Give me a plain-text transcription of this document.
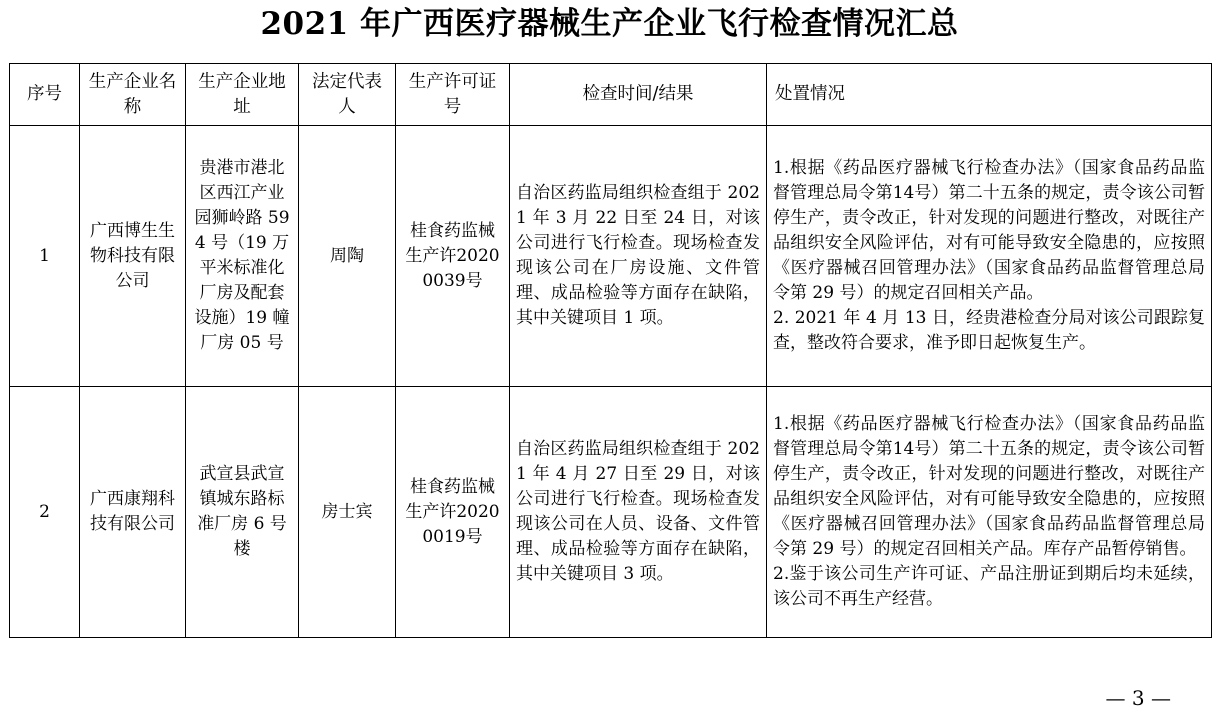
2021 年广西医疗器械生产企业飞行检查情况汇总
序号	生产企业名称	生产企业地址	法定代表人	生产许可证号	检查时间/结果	处置情况
1	广西博生生物科技有限公司	贵港市港北区西江产业园狮岭路 594 号（19 万平米标准化厂房及配套设施）19 幢厂房 05 号	周陶	桂食药监械生产许20200039号	自治区药监局组织检查组于 2021 年 3 月 22 日至 24 日，对该公司进行飞行检查。现场检查发现该公司在厂房设施、文件管理、成品检验等方面存在缺陷，其中关键项目 1 项。	1.根据《药品医疗器械飞行检查办法》（国家食品药品监督管理总局令第14号）第二十五条的规定，责令该公司暂停生产，责令改正，针对发现的问题进行整改，对既往产品组织安全风险评估，对有可能导致安全隐患的，应按照《医疗器械召回管理办法》（国家食品药品监督管理总局令第 29 号）的规定召回相关产品。
2. 2021 年 4 月 13 日，经贵港检查分局对该公司跟踪复查，整改符合要求，准予即日起恢复生产。

2	广西康翔科技有限公司	武宣县武宣镇城东路标准厂房 6 号楼	房士宾	桂食药监械生产许20200019号	自治区药监局组织检查组于 2021 年 4 月 27 日至 29 日，对该公司进行飞行检查。现场检查发现该公司在人员、设备、文件管理、成品检验等方面存在缺陷，其中关键项目 3 项。	1.根据《药品医疗器械飞行检查办法》（国家食品药品监督管理总局令第14号）第二十五条的规定，责令该公司暂停生产，责令改正，针对发现的问题进行整改，对既往产品组织安全风险评估，对有可能导致安全隐患的，应按照《医疗器械召回管理办法》（国家食品药品监督管理总局令第 29 号）的规定召回相关产品。库存产品暂停销售。
2.鉴于该公司生产许可证、产品注册证到期后均未延续，该公司不再生产经营。
— 3 —
